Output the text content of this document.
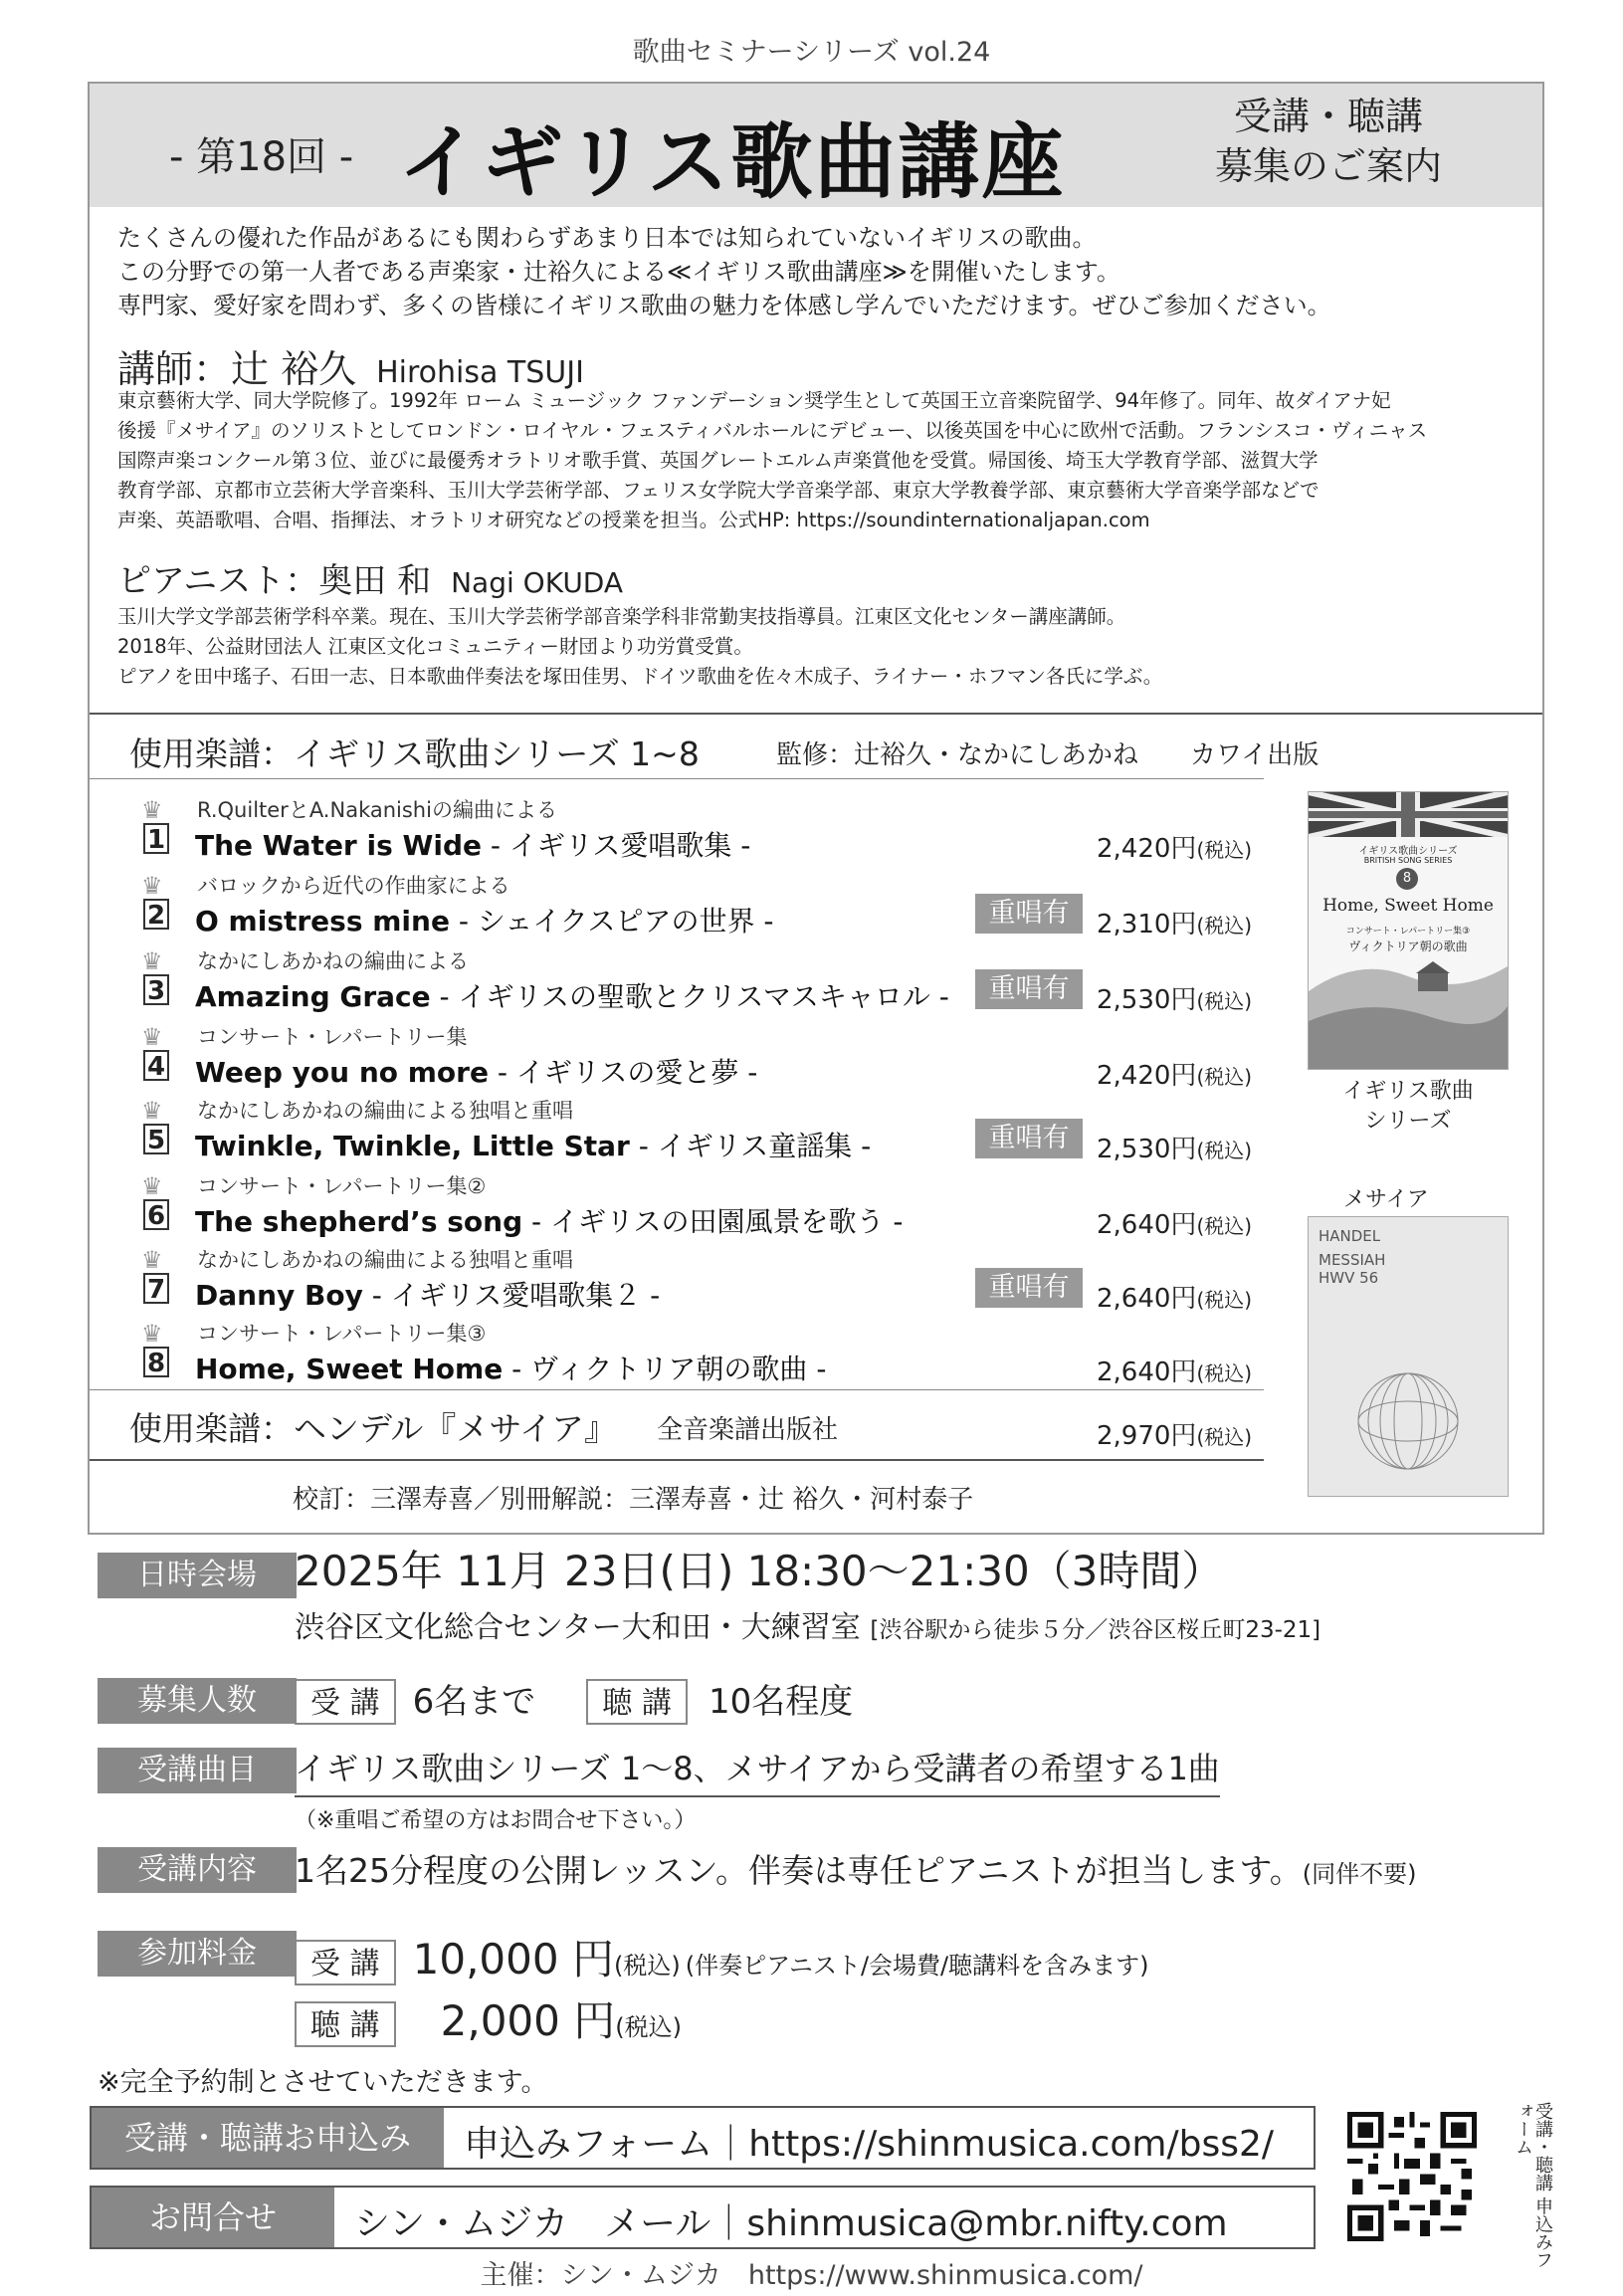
歌曲セミナーシリーズ vol.24
- 第18回 - イギリス歌曲講座	受講・聴講
募集のご案内

たくさんの優れた作品があるにも関わらずあまり日本では知られていないイギリスの歌曲。

この分野での第一人者である声楽家・辻裕久による≪イギリス歌曲講座≫を開催いたします。

専門家、愛好家を問わず、多くの皆様にイギリス歌曲の魅力を体感し学んでいただけます。ぜひご参加ください。

講師：辻 裕久 Hirohisa TSUJI
東京藝術大学、同大学院修了。1992年 ローム ミュージック ファンデーション奨学生として英国王立音楽院留学、94年修了。同年、故ダイアナ妃
後援『メサイア』のソリストとしてロンドン・ロイヤル・フェスティバルホールにデビュー、以後英国を中心に欧州で活動。フランシスコ・ヴィニャス
国際声楽コンクール第３位、並びに最優秀オラトリオ歌手賞、英国グレートエルム声楽賞他を受賞。帰国後、埼玉大学教育学部、滋賀大学
教育学部、京都市立芸術大学音楽科、玉川大学芸術学部、フェリス女学院大学音楽学部、東京大学教養学部、東京藝術大学音楽学部などで
声楽、英語歌唱、合唱、指揮法、オラトリオ研究などの授業を担当。公式HP: https://soundinternationaljapan.com
ピアニスト：奥田 和 Nagi OKUDA
玉川大学文学部芸術学科卒業。現在、玉川大学芸術学部音楽学科非常勤実技指導員。江東区文化センター講座講師。
2018年、公益財団法人 江東区文化コミュニティー財団より功労賞受賞。
ピアノを田中瑤子、石田一志、日本歌曲伴奏法を塚田佳男、ドイツ歌曲を佐々木成子、ライナー・ホフマン各氏に学ぶ。
使用楽譜：イギリス歌曲シリーズ 1~8	監修：辻裕久・なかにしあかね　　カワイ出版
♛
1
R.QuilterとA.Nakanishiの編曲による
The Water is Wide - イギリス愛唱歌集 -	2,420円(税込)
♛
2
バロックから近代の作曲家による
O mistress mine - シェイクスピアの世界 -	重唱有	2,310円(税込)
♛
3
なかにしあかねの編曲による
Amazing Grace - イギリスの聖歌とクリスマスキャロル -	重唱有	2,530円(税込)
♛
4
コンサート・レパートリー集
Weep you no more - イギリスの愛と夢 -	2,420円(税込)
♛
5
なかにしあかねの編曲による独唱と重唱
Twinkle, Twinkle, Little Star - イギリス童謡集 -	重唱有	2,530円(税込)
♛
6
コンサート・レパートリー集②
The shepherd’s song - イギリスの田園風景を歌う -	2,640円(税込)
♛
7
なかにしあかねの編曲による独唱と重唱
Danny Boy - イギリス愛唱歌集２ -	重唱有	2,640円(税込)
♛
8
コンサート・レパートリー集③
Home, Sweet Home - ヴィクトリア朝の歌曲 -	2,640円(税込)
イギリス歌曲シリーズ
BRITISH SONG SERIES
8
Home, Sweet Home
コンサート・レパートリー集③
ヴィクトリア朝の歌曲
イギリス歌曲
シリーズ
メサイア
HANDEL
MESSIAH
HWV 56
使用楽譜：ヘンデル『メサイア』 全音楽譜出版社	2,970円(税込)
校訂：三澤寿喜／別冊解説：三澤寿喜・辻 裕久・河村泰子
日時会場 2025年 11月 23日(日) 18:30〜21:30（3時間）
渋谷区文化総合センター大和田・大練習室 [渋谷駅から徒歩５分／渋谷区桜丘町23-21]
募集人数	受 講 6名まで 聴 講 10名程度
受講曲目	イギリス歌曲シリーズ 1〜8、メサイアから受講者の希望する1曲
（※重唱ご希望の方はお問合せ下さい。）
受講内容	1名25分程度の公開レッスン。伴奏は専任ピアニストが担当します。(同伴不要)
参加料金	受 講 10,000 円(税込) (伴奏ピアニスト/会場費/聴講料を含みます)
聴 講 2,000 円(税込)
※完全予約制とさせていただきます。
受講・聴講お申込み	申込みフォーム｜https://shinmusica.com/bss2/
お問合せ	シン・ムジカ　メール｜shinmusica@mbr.nifty.com	受講・聴講 申込みフォーム
主催：シン・ムジカ　https://www.shinmusica.com/
